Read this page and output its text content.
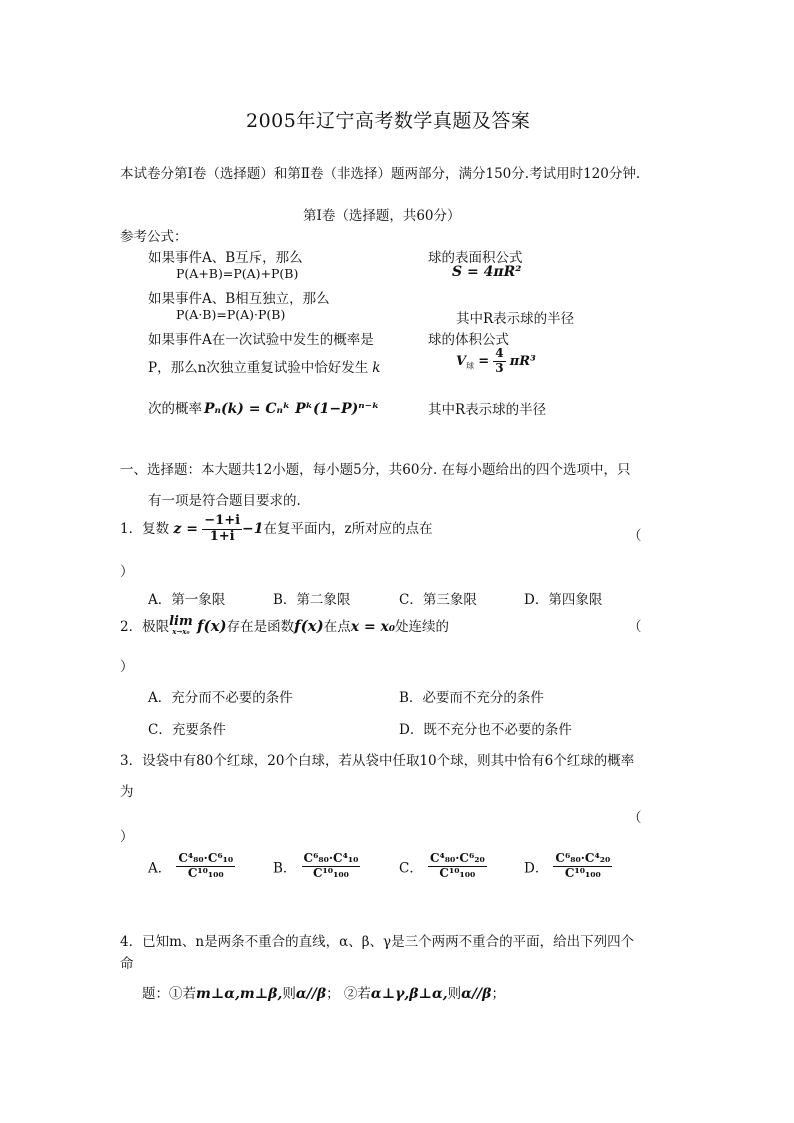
2005年辽宁高考数学真题及答案
本试卷分第Ⅰ卷（选择题）和第Ⅱ卷（非选择）题两部分，满分150分.考试用时120分钟.
第Ⅰ卷（选择题，共60分）
参考公式：
如果事件A、B互斥，那么
P(A+B)=P(A)+P(B)
如果事件A、B相互独立，那么
P(A·B)=P(A)·P(B)
如果事件A在一次试验中发生的概率是
P，那么n次独立重复试验中恰好发生 k
次的概率 Pₙ(k) = Cₙᵏ Pᵏ(1−P)ⁿ⁻ᵏ
球的表面积公式
S = 4πR²
其中R表示球的半径
球的体积公式
$V_球 = \frac{4}{3} \pi R^3$
其中R表示球的半径
一、选择题：本大题共12小题，每小题5分，共60分. 在每小题给出的四个选项中，只
有一项是符合题目要求的.
1．复数 $z = \frac{-1+i}{1+i} -1$在复平面内，z所对应的点在	（
）
A．第一象限	B．第二象限	C．第三象限	D．第四象限
2．极限 lim
x→x₀ f(x)存在是函数f(x)在点x = x₀处连续的	（
）
A．充分而不必要的条件	B．必要而不充分的条件
C．充要条件	D．既不充分也不必要的条件
3．设袋中有80个红球，20个白球，若从袋中任取10个球，则其中恰有6个红球的概率
为
（
）
A． $\frac{\text{C⁴₈₀·C⁶₁₀}}{\text{C¹⁰₁₀₀}}$	B． $\frac{\text{C⁶₈₀·C⁴₁₀}}{\text{C¹⁰₁₀₀}}$	C． $\frac{\text{C⁴₈₀·C⁶₂₀}}{\text{C¹⁰₁₀₀}}$	D． $\frac{\text{C⁶₈₀·C⁴₂₀}}{\text{C¹⁰₁₀₀}}$
4．已知m、n是两条不重合的直线，α、β、γ是三个两两不重合的平面，给出下列四个
命
题：①若m⊥α,m⊥β,则α//β； ②若α⊥γ,β⊥α,则α//β；
